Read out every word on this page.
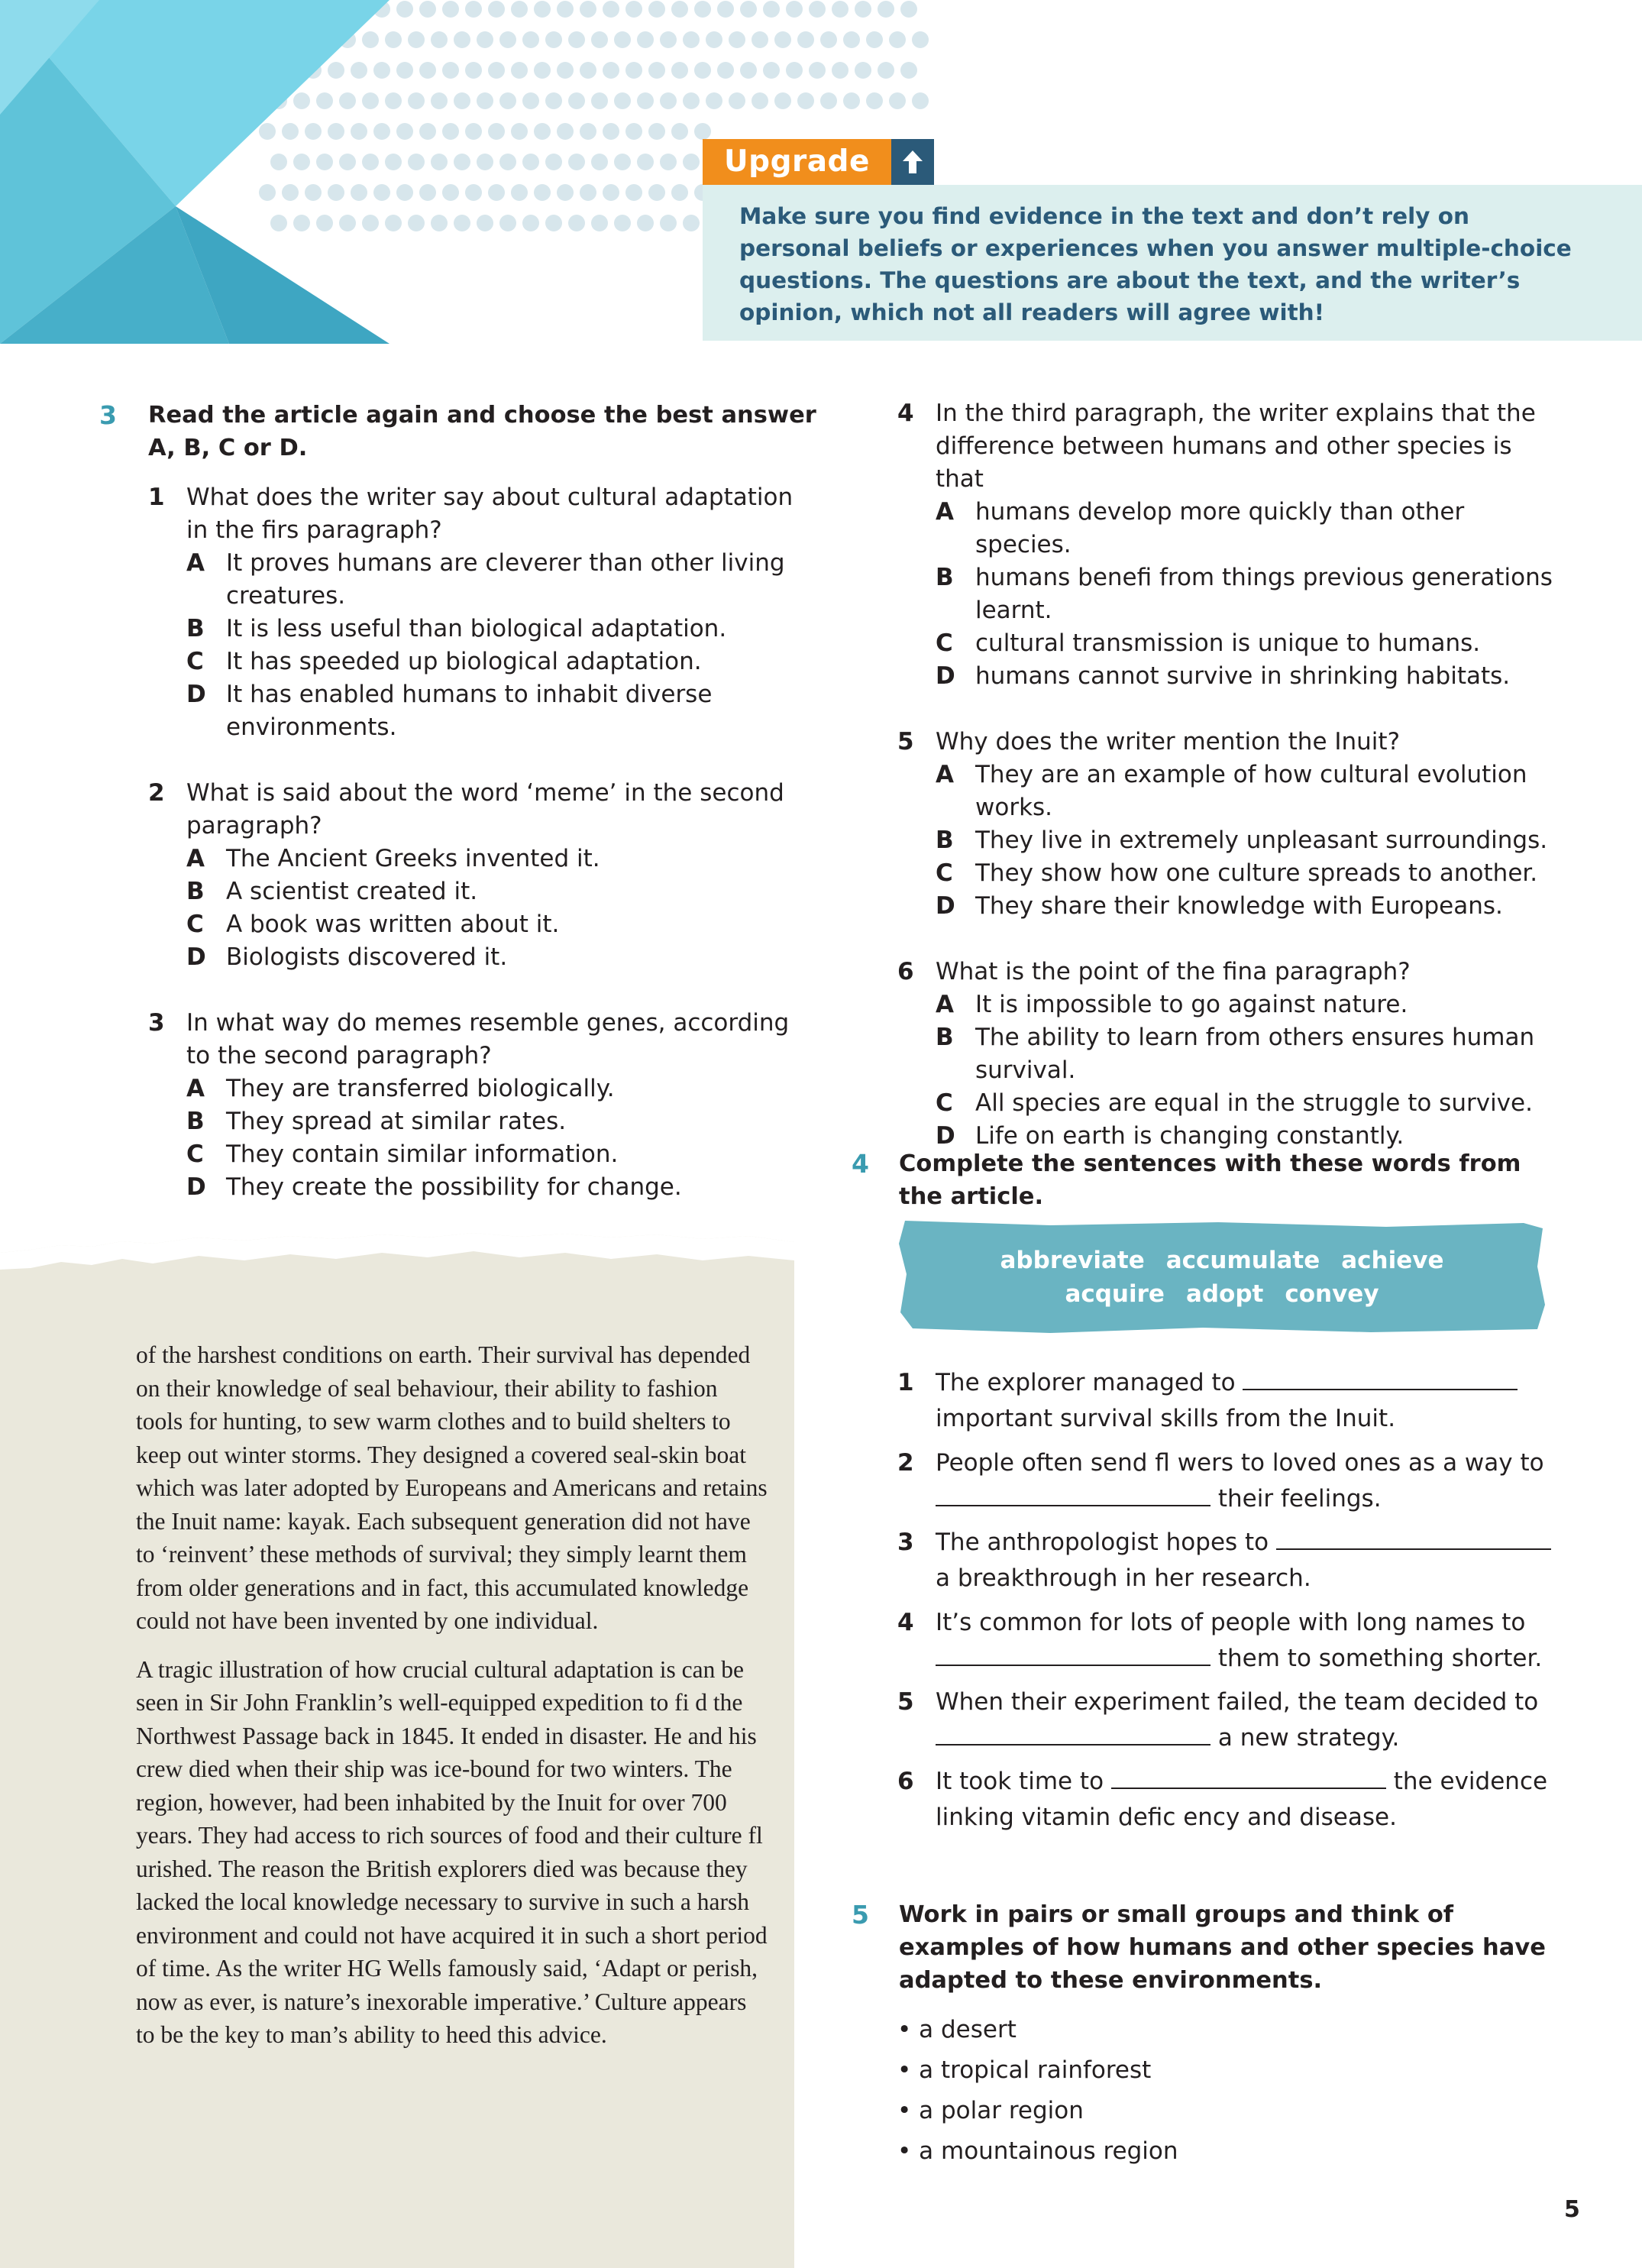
Upgrade
Make sure you find evidence in the text and don’t rely on personal beliefs or experiences when you answer multiple-choice questions. The questions are about the text, and the writer’s opinion, which not all readers will agree with!
3 Read the article again and choose the best answer A, B, C or D.
1 What does the writer say about cultural adaptation in the firs paragraph?
A It proves humans are cleverer than other living creatures.
B It is less useful than biological adaptation.
C It has speeded up biological adaptation.
D It has enabled humans to inhabit diverse environments.
2 What is said about the word ‘meme’ in the second paragraph?
A The Ancient Greeks invented it.
B A scientist created it.
C A book was written about it.
D Biologists discovered it.
3 In what way do memes resemble genes, according to the second paragraph?
A They are transferred biologically.
B They spread at similar rates.
C They contain similar information.
D They create the possibility for change.
4 In the third paragraph, the writer explains that the difference between humans and other species is that
A humans develop more quickly than other species.
B humans benefi from things previous generations learnt.
C cultural transmission is unique to humans.
D humans cannot survive in shrinking habitats.
5 Why does the writer mention the Inuit?
A They are an example of how cultural evolution works.
B They live in extremely unpleasant surroundings.
C They show how one culture spreads to another.
D They share their knowledge with Europeans.
6 What is the point of the fina paragraph?
A It is impossible to go against nature.
B The ability to learn from others ensures human survival.
C All species are equal in the struggle to survive.
D Life on earth is changing constantly.

of the harshest conditions on earth. Their survival has depended on their knowledge of seal behaviour, their ability to fashion tools for hunting, to sew warm clothes and to build shelters to keep out winter storms. They designed a covered seal-skin boat which was later adopted by Europeans and Americans and retains the Inuit name: kayak. Each subsequent generation did not have to ‘reinvent’ these methods of survival; they simply learnt them from older generations and in fact, this accumulated knowledge could not have been invented by one individual.

A tragic illustration of how crucial cultural adaptation is can be seen in Sir John Franklin’s well-equipped expedition to fi d the Northwest Passage back in 1845. It ended in disaster. He and his crew died when their ship was ice-bound for two winters. The region, however, had been inhabited by the Inuit for over 700 years. They had access to rich sources of food and their culture fl urished. The reason the British explorers died was because they lacked the local knowledge necessary to survive in such a harsh environment and could not have acquired it in such a short period of time. As the writer HG Wells famously said, ‘Adapt or perish, now as ever, is nature’s inexorable imperative.’ Culture appears to be the key to man’s ability to heed this advice.

4 Complete the sentences with these words from the article.
abbreviate accumulate achieve
acquire adopt convey
1 The explorer managed to
important survival skills from the Inuit.
2 People often send fl wers to loved ones as a way to
their feelings.
3 The anthropologist hopes to
a breakthrough in her research.
4 It’s common for lots of people with long names to
them to something shorter.
5 When their experiment failed, the team decided to
a new strategy.
6 It took time to	the evidence linking vitamin defic ency and disease.
5 Work in pairs or small groups and think of examples of how humans and other species have adapted to these environments.
• a desert
• a tropical rainforest
• a polar region
• a mountainous region
5
